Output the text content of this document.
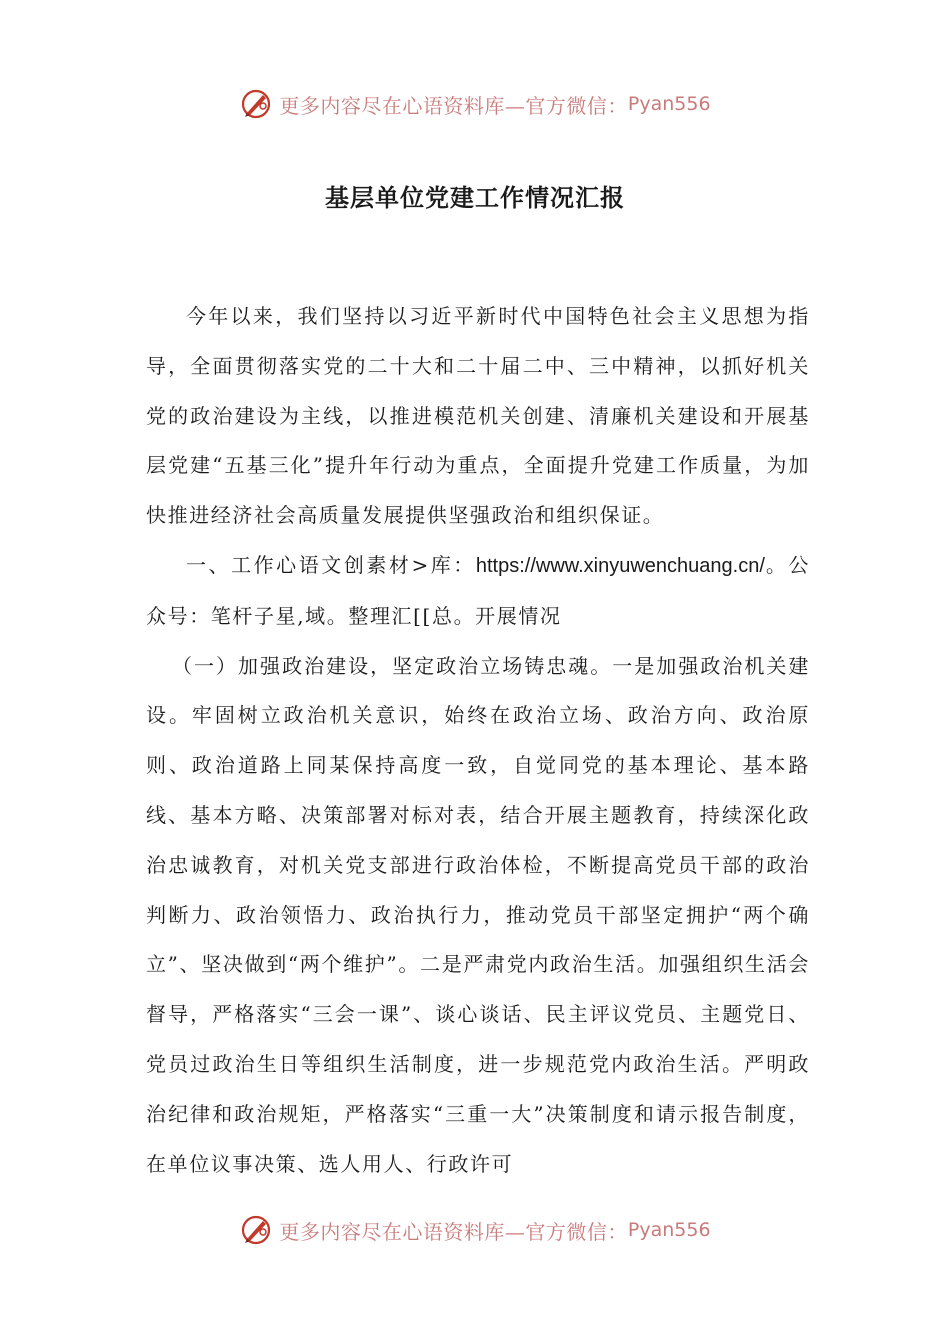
更多内容尽在心语资料库—官方微信： Pyan556
基层单位党建工作情况汇报

今年以来，我们坚持以习近平新时代中国特色社会主义思想为指导，全面贯彻落实党的二十大和二十届二中、三中精神，以抓好机关党的政治建设为主线，以推进模范机关创建、清廉机关建设和开展基层党建“五基三化”提升年行动为重点，全面提升党建工作质量，为加快推进经济社会高质量发展提供坚强政治和组织保证。

一、工作心语文创素材>库：https://www.xinyuwenchuang.cn/。公众号：笔杆子星,域。整理汇[[总。开展情况

（一）加强政治建设，坚定政治立场铸忠魂。一是加强政治机关建设。牢固树立政治机关意识，始终在政治立场、政治方向、政治原则、政治道路上同某保持高度一致，自觉同党的基本理论、基本路线、基本方略、决策部署对标对表，结合开展主题教育，持续深化政治忠诚教育，对机关党支部进行政治体检，不断提高党员干部的政治判断力、政治领悟力、政治执行力，推动党员干部坚定拥护“两个确立”、坚决做到“两个维护”。二是严肃党内政治生活。加强组织生活会督导，严格落实“三会一课”、谈心谈话、民主评议党员、主题党日、党员过政治生日等组织生活制度，进一步规范党内政治生活。严明政治纪律和政治规矩，严格落实“三重一大”决策制度和请示报告制度，在单位议事决策、选人用人、行政许可

更多内容尽在心语资料库—官方微信： Pyan556
